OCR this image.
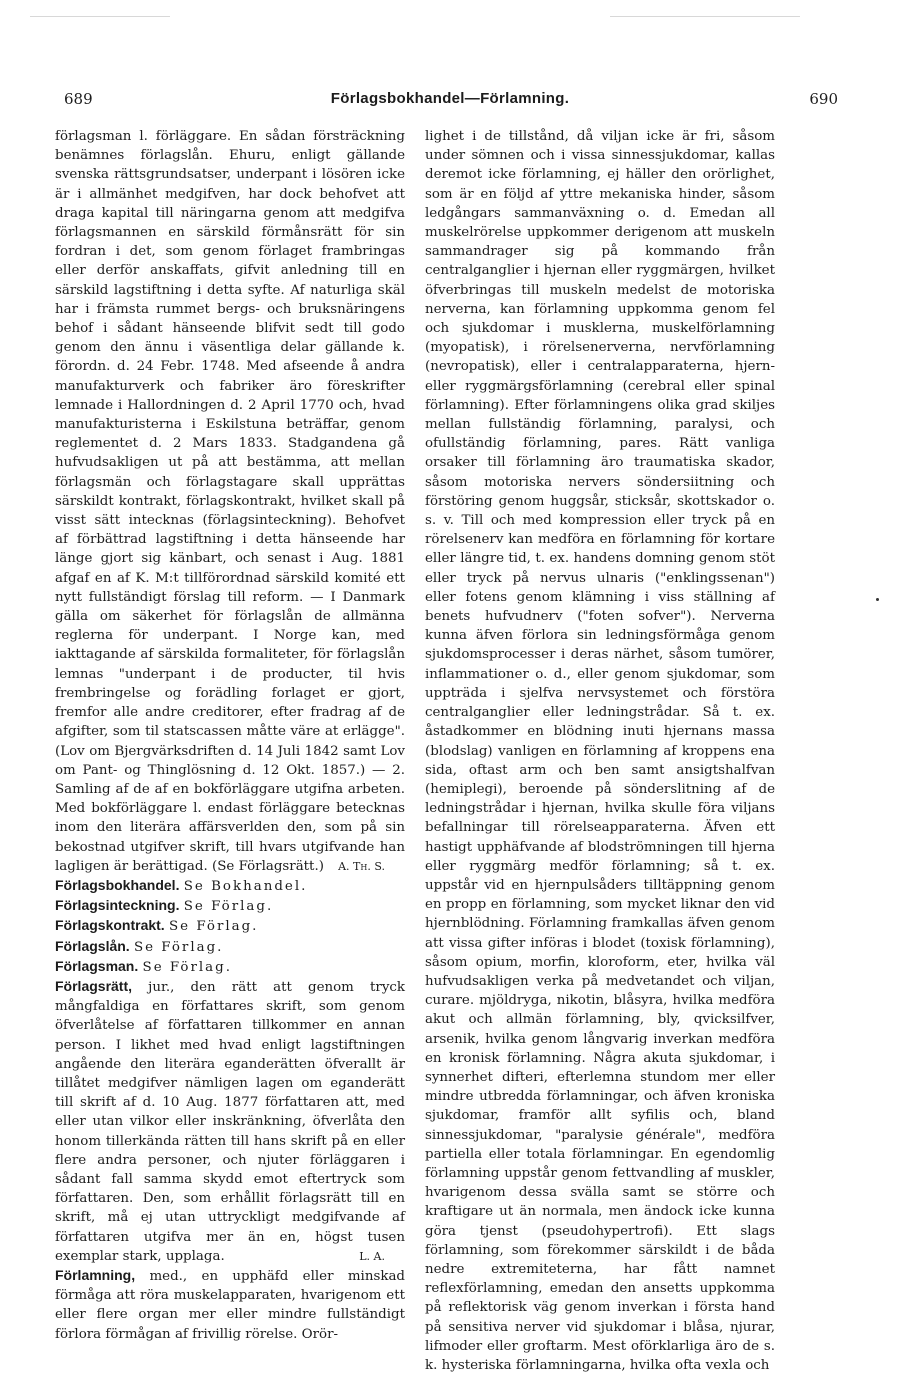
689	Förlagsbokhandel—Förlamning.	690

förlagsman l. förläggare. En sådan försträckning benämnes förlagslån. Ehuru, enligt gällande svenska rättsgrundsatser, underpant i lösören icke är i allmänhet medgifven, har dock behofvet att draga kapital till näringarna genom att medgifva förlagsmannen en särskild förmånsrätt för sin fordran i det, som genom förlaget frambringas eller derför anskaffats, gifvit anledning till en särskild lagstiftning i detta syfte. Af naturliga skäl har i främsta rummet bergs- och bruksnäringens behof i sådant hänseende blifvit sedt till godo genom den ännu i väsentliga delar gällande k. förordn. d. 24 Febr. 1748. Med afseende å andra manufakturverk och fabriker äro föreskrifter lemnade i Hallordningen d. 2 April 1770 och, hvad manufakturisterna i Eskilstuna beträffar, genom reglementet d. 2 Mars 1833. Stadgandena gå hufvudsakligen ut på att bestämma, att mellan förlagsmän och förlagstagare skall upprättas särskildt kontrakt, förlagskontrakt, hvilket skall på visst sätt intecknas (förlagsinteckning). Behofvet af förbättrad lagstiftning i detta hänseende har länge gjort sig känbart, och senast i Aug. 1881 afgaf en af K. M:t tillförordnad särskild komité ett nytt fullständigt förslag till reform. — I Danmark gälla om säkerhet för förlagslån de allmänna reglerna för underpant. I Norge kan, med iakttagande af särskilda formaliteter, för förlagslån lemnas "underpant i de producter, til hvis frembringelse og forädling forlaget er gjort, fremfor alle andre creditorer, efter fradrag af de afgifter, som til statscassen måtte väre at erlägge". (Lov om Bjergvärksdriften d. 14 Juli 1842 samt Lov om Pant- og Thinglösning d. 12 Okt. 1857.) — 2. Samling af de af en bokförläggare utgifna arbeten. Med bokförläggare l. endast förläggare betecknas inom den literära affärsverlden den, som på sin bekostnad utgifver skrift, till hvars utgifvande han lagligen är berättigad. (Se Förlagsrätt.) A. Th. S.

Förlagsbokhandel. Se Bokhandel.

Förlagsinteckning. Se Förlag.

Förlagskontrakt. Se Förlag.

Förlagslån. Se Förlag.

Förlagsman. Se Förlag.

Förlagsrätt, jur., den rätt att genom tryck mångfaldiga en författares skrift, som genom öfverlåtelse af författaren tillkommer en annan person. I likhet med hvad enligt lagstiftningen angående den literära eganderätten öfverallt är tillåtet medgifver nämligen lagen om eganderätt till skrift af d. 10 Aug. 1877 författaren att, med eller utan vilkor eller inskränkning, öfverlåta den honom tillerkända rätten till hans skrift på en eller flere andra personer, och njuter förläggaren i sådant fall samma skydd emot eftertryck som författaren. Den, som erhållit förlagsrätt till en skrift, må ej utan uttryckligt medgifvande af författaren utgifva mer än en, högst tusen exemplar stark, upplaga.	L. A.

Förlamning, med., en upphäfd eller minskad förmåga att röra muskelapparaten, hvarigenom ett eller flere organ mer eller mindre fullständigt förlora förmågan af frivillig rörelse. Orör-

lighet i de tillstånd, då viljan icke är fri, såsom under sömnen och i vissa sinnessjukdomar, kallas deremot icke förlamning, ej häller den orörlighet, som är en följd af yttre mekaniska hinder, såsom ledgångars sammanväxning o. d. Emedan all muskelrörelse uppkommer derigenom att muskeln sammandrager sig på kommando från centralganglier i hjernan eller ryggmärgen, hvilket öfverbringas till muskeln medelst de motoriska nerverna, kan förlamning uppkomma genom fel och sjukdomar i musklerna, muskelförlamning (myopatisk), i rörelsenerverna, nervförlamning (nevropatisk), eller i centralapparaterna, hjern- eller ryggmärgsförlamning (cerebral eller spinal förlamning). Efter förlamningens olika grad skiljes mellan fullständig förlamning, paralysi, och ofullständig förlamning, pares. Rätt vanliga orsaker till förlamning äro traumatiska skador, såsom motoriska nervers söndersiitning och förstöring genom huggsår, sticksår, skottskador o. s. v. Till och med kompression eller tryck på en rörelsenerv kan medföra en förlamning för kortare eller längre tid, t. ex. handens domning genom stöt eller tryck på nervus ulnaris ("enklingssenan") eller fotens genom klämning i viss ställning af benets hufvudnerv ("foten sofver"). Nerverna kunna äfven förlora sin ledningsförmåga genom sjukdomsprocesser i deras närhet, såsom tumörer, inflammationer o. d., eller genom sjukdomar, som uppträda i sjelfva nervsystemet och förstöra centralganglier eller ledningstrådar. Så t. ex. åstadkommer en blödning inuti hjernans massa (blodslag) vanligen en förlamning af kroppens ena sida, oftast arm och ben samt ansigtshalfvan (hemiplegi), beroende på sönderslitning af de ledningstrådar i hjernan, hvilka skulle föra viljans befallningar till rörelseapparaterna. Äfven ett hastigt upphäfvande af blodströmningen till hjerna eller ryggmärg medför förlamning; så t. ex. uppstår vid en hjernpulsåders tilltäppning genom en propp en förlamning, som mycket liknar den vid hjernblödning. Förlamning framkallas äfven genom att vissa gifter införas i blodet (toxisk förlamning), såsom opium, morfin, kloroform, eter, hvilka väl hufvudsakligen verka på medvetandet och viljan, curare. mjöldryga, nikotin, blåsyra, hvilka medföra akut och allmän förlamning, bly, qvicksilfver, arsenik, hvilka genom långvarig inverkan medföra en kronisk förlamning. Några akuta sjukdomar, i synnerhet difteri, efterlemna stundom mer eller mindre utbredda förlamningar, och äfven kroniska sjukdomar, framför allt syfilis och, bland sinnessjukdomar, "paralysie générale", medföra partiella eller totala förlamningar. En egendomlig förlamning uppstår genom fettvandling af muskler, hvarigenom dessa svälla samt se större och kraftigare ut än normala, men ändock icke kunna göra tjenst (pseudohypertrofi). Ett slags förlamning, som förekommer särskildt i de båda nedre extremiteterna, har fått namnet reflexförlamning, emedan den ansetts uppkomma på reflektorisk väg genom inverkan i första hand på sensitiva nerver vid sjukdomar i blåsa, njurar, lifmoder eller groftarm. Mest oförklarliga äro de s. k. hysteriska förlamningarna, hvilka ofta vexla och
